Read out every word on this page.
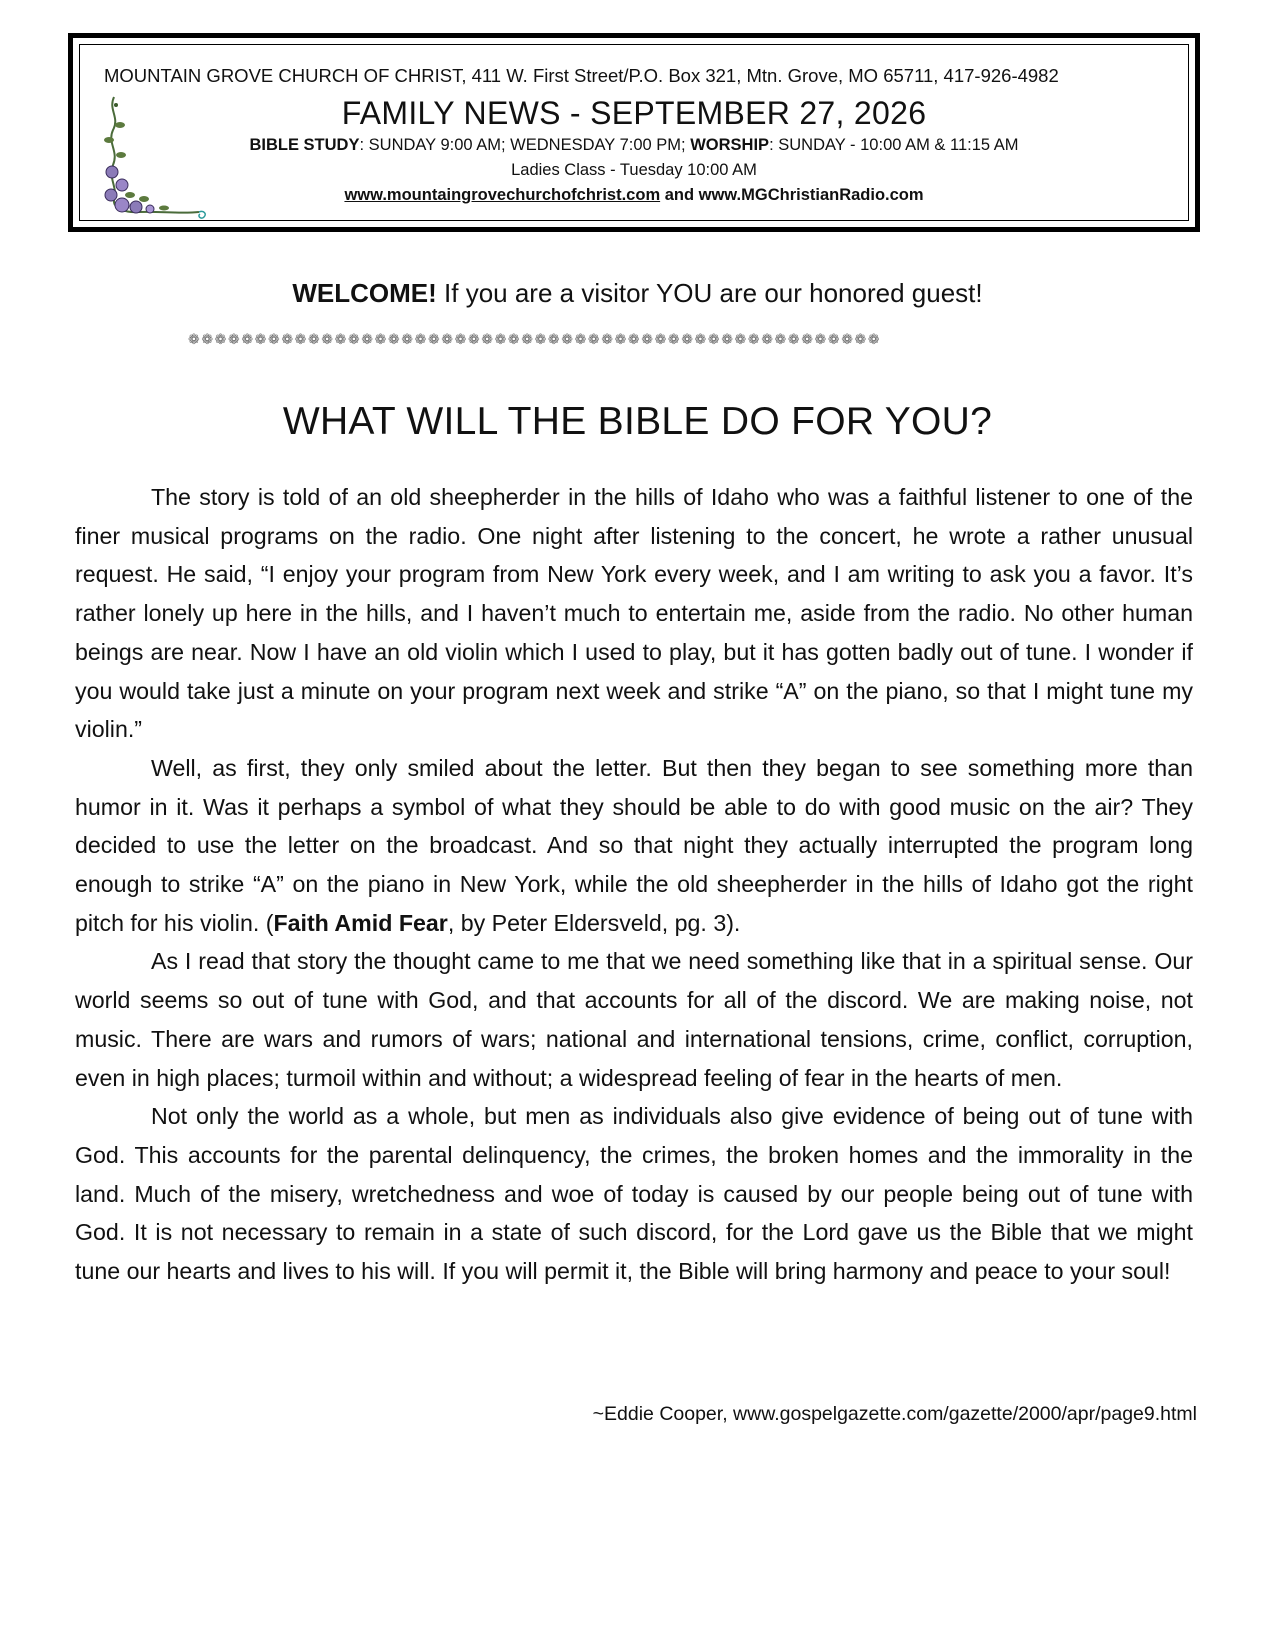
MOUNTAIN GROVE CHURCH OF CHRIST, 411 W. First Street/P.O. Box 321, Mtn. Grove, MO 65711, 417-926-4982
FAMILY NEWS - SEPTEMBER 27, 2026
BIBLE STUDY: SUNDAY 9:00 AM; WEDNESDAY 7:00 PM; WORSHIP: SUNDAY - 10:00 AM & 11:15 AM
Ladies Class - Tuesday 10:00 AM
www.mountaingrovechurchofchrist.com and www.MGChristianRadio.com
WELCOME! If you are a visitor YOU are our honored guest!
❁❁❁❁❁❁❁❁❁❁❁❁❁❁❁❁❁❁❁❁❁❁❁❁❁❁❁❁❁❁❁❁❁❁❁❁❁❁❁❁❁❁❁❁❁❁❁❁❁❁❁❁
WHAT WILL THE BIBLE DO FOR YOU?

The story is told of an old sheepherder in the hills of Idaho who was a faithful listener to one of the finer musical programs on the radio. One night after listening to the concert, he wrote a rather unusual request. He said, “I enjoy your program from New York every week, and I am writing to ask you a favor. It’s rather lonely up here in the hills, and I haven’t much to entertain me, aside from the radio. No other human beings are near. Now I have an old violin which I used to play, but it has gotten badly out of tune. I wonder if you would take just a minute on your program next week and strike “A” on the piano, so that I might tune my violin.”

Well, as first, they only smiled about the letter. But then they began to see something more than humor in it. Was it perhaps a symbol of what they should be able to do with good music on the air? They decided to use the letter on the broadcast. And so that night they actually interrupted the program long enough to strike “A” on the piano in New York, while the old sheepherder in the hills of Idaho got the right pitch for his violin. (Faith Amid Fear, by Peter Eldersveld, pg. 3).

As I read that story the thought came to me that we need something like that in a spiritual sense. Our world seems so out of tune with God, and that accounts for all of the discord. We are making noise, not music. There are wars and rumors of wars; national and international tensions, crime, conflict, corruption, even in high places; turmoil within and without; a widespread feeling of fear in the hearts of men.

Not only the world as a whole, but men as individuals also give evidence of being out of tune with God. This accounts for the parental delinquency, the crimes, the broken homes and the immorality in the land. Much of the misery, wretchedness and woe of today is caused by our people being out of tune with God. It is not necessary to remain in a state of such discord, for the Lord gave us the Bible that we might tune our hearts and lives to his will. If you will permit it, the Bible will bring harmony and peace to your soul!

~Eddie Cooper, www.gospelgazette.com/gazette/2000/apr/page9.html
